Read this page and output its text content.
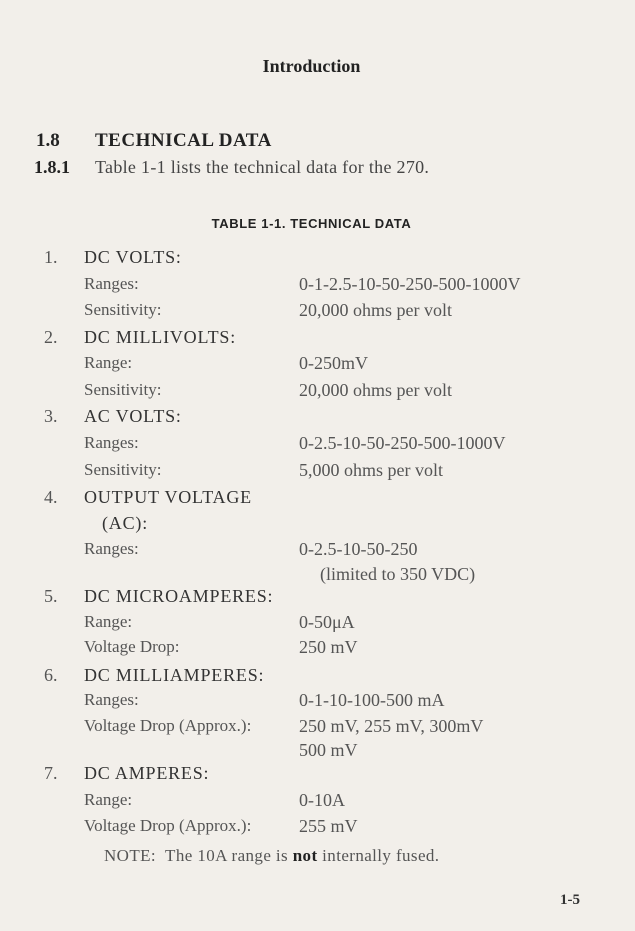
Introduction
1.8 TECHNICAL DATA
1.8.1 Table 1-1 lists the technical data for the 270.
TABLE 1-1. TECHNICAL DATA
1. DC VOLTS:
Ranges:	0-1-2.5-10-50-250-500-1000V
Sensitivity:	20,000 ohms per volt
2. DC MILLIVOLTS:
Range:	0-250mV
Sensitivity:	20,000 ohms per volt
3. AC VOLTS:
Ranges:	0-2.5-10-50-250-500-1000V
Sensitivity:	5,000 ohms per volt
4. OUTPUT VOLTAGE
(AC):
Ranges:	0-2.5-10-50-250
(limited to 350 VDC)
5. DC MICROAMPERES:
Range:	0-50μA
Voltage Drop:	250 mV
6. DC MILLIAMPERES:
Ranges:	0-1-10-100-500 mA
Voltage Drop (Approx.):	250 mV, 255 mV, 300mV
500 mV
7. DC AMPERES:
Range:	0-10A
Voltage Drop (Approx.):	255 mV
NOTE:  The 10A range is not internally fused.
1-5
